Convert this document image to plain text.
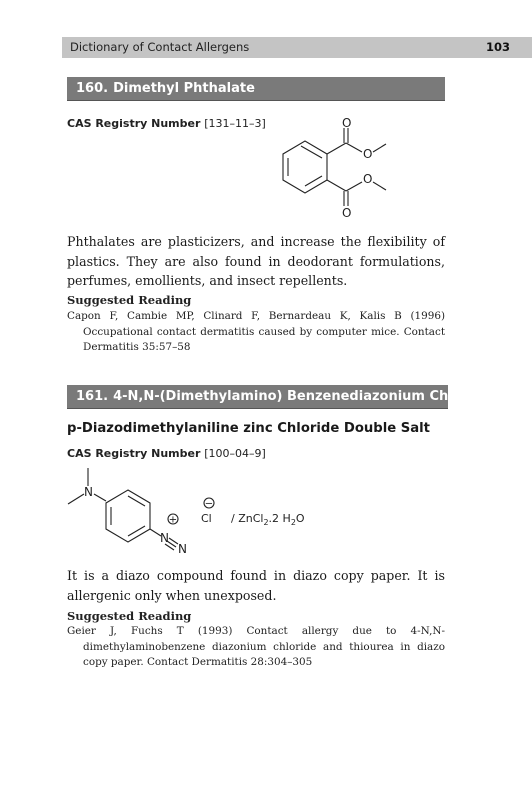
Dictionary of Contact Allergens	103
160. Dimethyl Phthalate
CAS Registry Number [131–11–3]	O
O
O
O
Phthalates are plasticizers, and increase the flexibility of plastics. They are also found in deodorant formulations, perfumes, emollients, and insect repellents.
Suggested Reading
Capon F, Cambie MP, Clinard F, Bernardeau K, Kalis B (1996) Occupational contact dermatitis caused by computer mice. Contact Dermatitis 35:57–58
161. 4-N,N-(Dimethylamino) Benzenediazonium Chloride
p-Diazodimethylaniline zinc Chloride Double Salt
CAS Registry Number [100–04–9]
N
N
N
Cl / ZnCl$_2$.2 $H_2O$
+
−
It is a diazo compound found in diazo copy paper. It is allergenic only when unexposed.
Suggested Reading
Geier J, Fuchs T (1993) Contact allergy due to 4-N,N-dimethylaminobenzene diazonium chloride and thiourea in diazo copy paper. Contact Dermatitis 28:304–305
